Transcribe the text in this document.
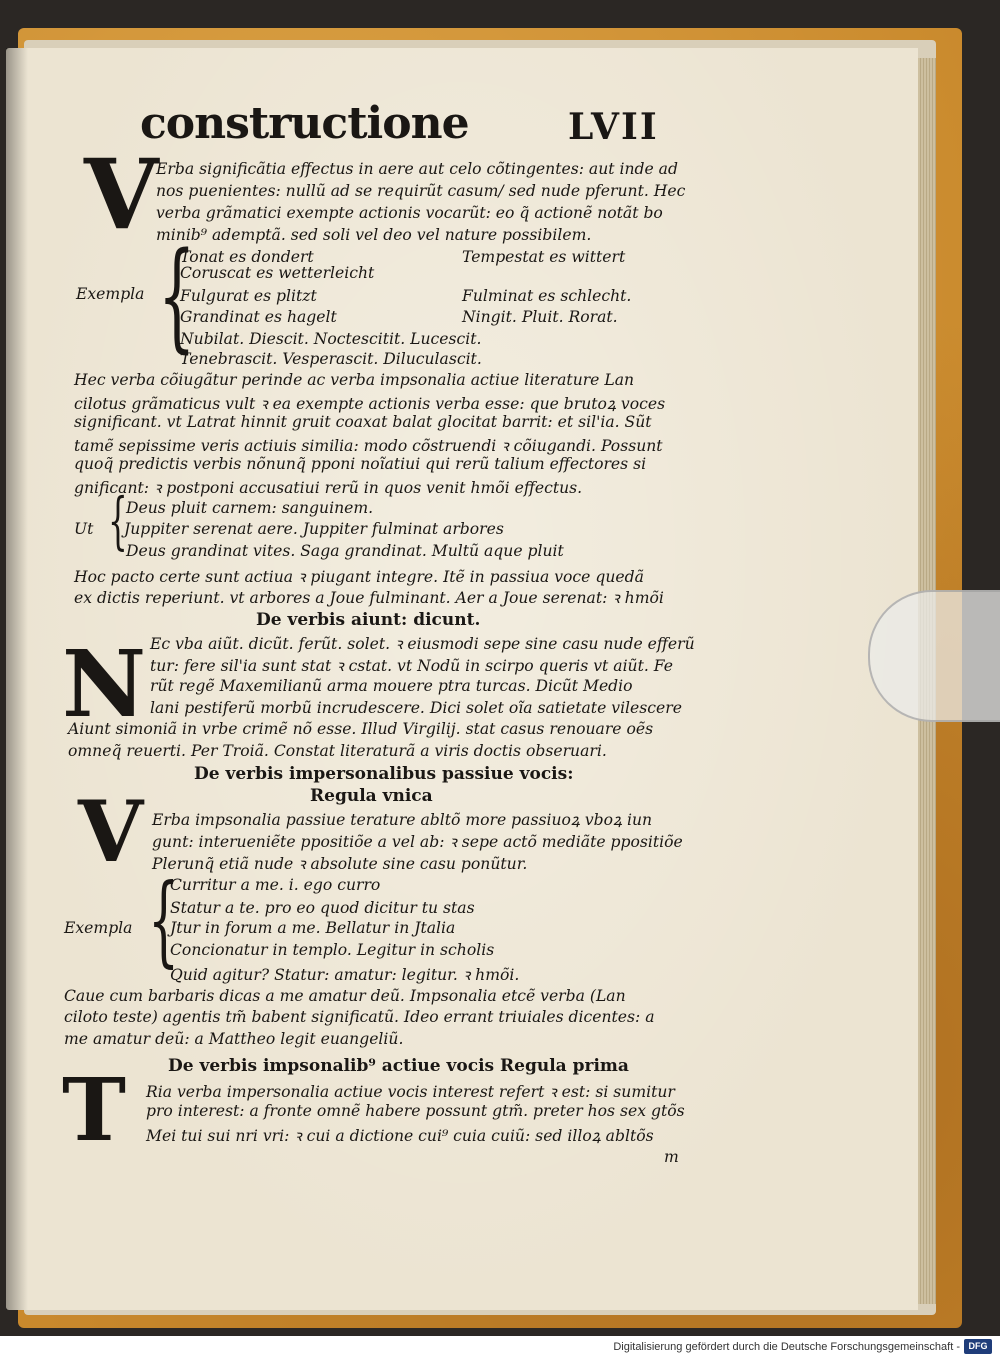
constructione	LVII
V
N
V
T
{
{
{
Erba significãtia effectus in aere aut celo cõtingentes: aut inde ad
nos puenientes: nullũ ad se requirũt casum/ sed nude pferunt. Hec
verba grãmatici exempte actionis vocarũt: eo q̃ actionẽ notãt bo
minib⁹ ademptã. sed soli vel deo vel nature possibilem.
Tonat es dondert	Tempestat es wittert
Coruscat es wetterleicht
Exempla Fulgurat es plitzt	Fulminat es schlecht.
Grandinat es hagelt	Ningit. Pluit. Rorat.
Nubilat. Diescit. Noctescitit. Lucescit.
Tenebrascit. Vesperascit. Diluculascit.
Hec verba cõiugãtur perinde ac verba impsonalia actiue literature Lan
cilotus grãmaticus vult ꝛ ea exempte actionis verba esse: que brutoꝝ voces
significant. vt Latrat hinnit gruit coaxat balat glocitat barrit: et sil'ia. Sũt
tamẽ sepissime veris actiuis similia: modo cõstruendi ꝛ cõiugandi. Possunt
quoq̃ predictis verbis nõnunq̃ pponi noĩatiui qui rerũ talium effectores si
gnificant: ꝛ postponi accusatiui rerũ in quos venit hmõi effectus.
Deus pluit carnem: sanguinem.
Ut Juppiter serenat aere. Juppiter fulminat arbores
Deus grandinat vites. Saga grandinat. Multũ aque pluit
Hoc pacto certe sunt actiua ꝛ piugant integre. Itẽ in passiua voce quedã
ex dictis reperiunt. vt arbores a Joue fulminant. Aer a Joue serenat: ꝛ hmõi
De verbis aiunt: dicunt.
Ec vba aiũt. dicũt. ferũt. solet. ꝛ eiusmodi sepe sine casu nude efferũ
tur: fere sil'ia sunt stat ꝛ cstat. vt Nodũ in scirpo queris vt aiũt. Fe
rũt regẽ Maxemilianũ arma mouere ptra turcas. Dicũt Medio
lani pestiferũ morbũ incrudescere. Dici solet oĩa satietate vilescere
Aiunt simoniã in vrbe crimẽ nõ esse. Illud Virgilij. stat casus renouare oẽs
omneq̃ reuerti. Per Troiã. Constat literaturã a viris doctis obseruari.
De verbis impersonalibus passiue vocis:
Regula vnica
Erba impsonalia passiue terature abltõ more passiuoꝝ vboꝝ iun
gunt: interueniẽte ppositiõe a vel ab: ꝛ sepe actõ mediãte ppositiõe
Plerunq̃ etiã nude ꝛ absolute sine casu ponũtur.
Curritur a me. i. ego curro
Statur a te. pro eo quod dicitur tu stas
Exempla Jtur in forum a me. Bellatur in Jtalia
Concionatur in templo. Legitur in scholis
Quid agitur? Statur: amatur: legitur. ꝛ hmõi.
Caue cum barbaris dicas a me amatur deũ. Impsonalia etcẽ verba (Lan
ciloto teste) agentis tm̃ babent significatũ. Ideo errant triuiales dicentes: a
me amatur deũ: a Mattheo legit euangeliũ.
De verbis impsonalib⁹ actiue vocis Regula prima
Ria verba impersonalia actiue vocis interest refert ꝛ est: si sumitur
pro interest: a fronte omnẽ habere possunt gtm̃. preter hos sex gtõs
Mei tui sui nri vri: ꝛ cui a dictione cui⁹ cuia cuiũ: sed illoꝝ abltõs
m
Digitalisierung gefördert durch die Deutsche Forschungsgemeinschaft - DFG
